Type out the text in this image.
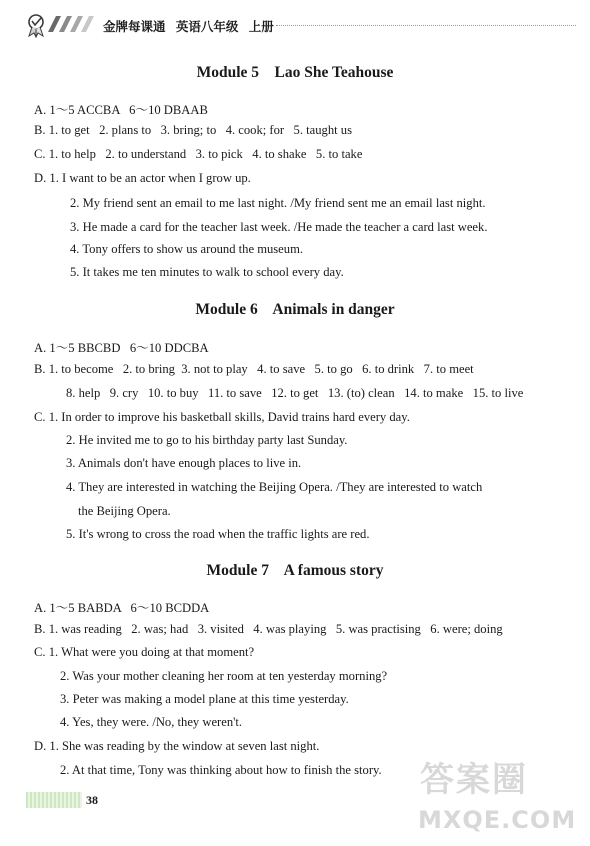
金牌每课通 英语八年级 上册
Module 5    Lao She Teahouse
A. 1～5 ACCBA   6～10 DBAAB
B. 1. to get   2. plans to   3. bring; to   4. cook; for   5. taught us
C. 1. to help   2. to understand   3. to pick   4. to shake   5. to take
D. 1. I want to be an actor when I grow up.
2. My friend sent an email to me last night. /My friend sent me an email last night.
3. He made a card for the teacher last week. /He made the teacher a card last week.
4. Tony offers to show us around the museum.
5. It takes me ten minutes to walk to school every day.
Module 6    Animals in danger
A. 1～5 BBCBD   6～10 DDCBA
B. 1. to become   2. to bring  3. not to play   4. to save   5. to go   6. to drink   7. to meet
8. help   9. cry   10. to buy   11. to save   12. to get   13. (to) clean   14. to make   15. to live
C. 1. In order to improve his basketball skills, David trains hard every day.
2. He invited me to go to his birthday party last Sunday.
3. Animals don't have enough places to live in.
4. They are interested in watching the Beijing Opera. /They are interested to watch
the Beijing Opera.
5. It's wrong to cross the road when the traffic lights are red.
Module 7    A famous story
A. 1～5 BABDA   6～10 BCDDA
B. 1. was reading   2. was; had   3. visited   4. was playing   5. was practising   6. were; doing
C. 1. What were you doing at that moment?
2. Was your mother cleaning her room at ten yesterday morning?
3. Peter was making a model plane at this time yesterday.
4. Yes, they were. /No, they weren't.
D. 1. She was reading by the window at seven last night.
2. At that time, Tony was thinking about how to finish the story.
38	答案圈
MXQE.COM
